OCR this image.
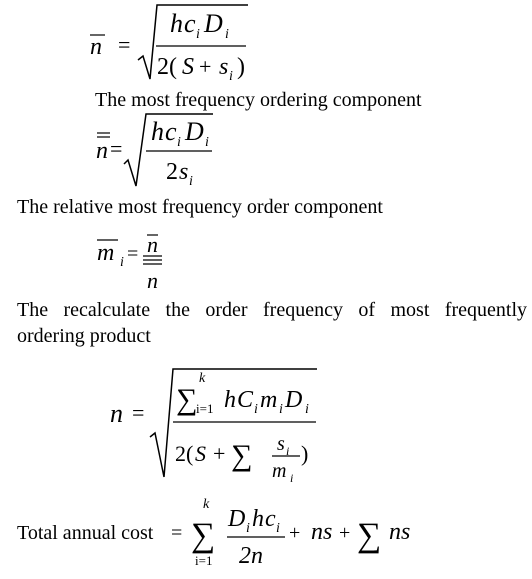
n =
h c i D i
2( S + s i )
The most frequency ordering component
n =
h c i D i
2 s i
The relative most frequency order component
m i = n
n
The recalculate the order frequency of most frequently
ordering product
n =
k
∑
i=1 h C i m i D i
2( S + ∑ s i
m i
)
Total annual cost =
k
∑
i=1
D i h c i
2n
+ ns + ∑ ns
